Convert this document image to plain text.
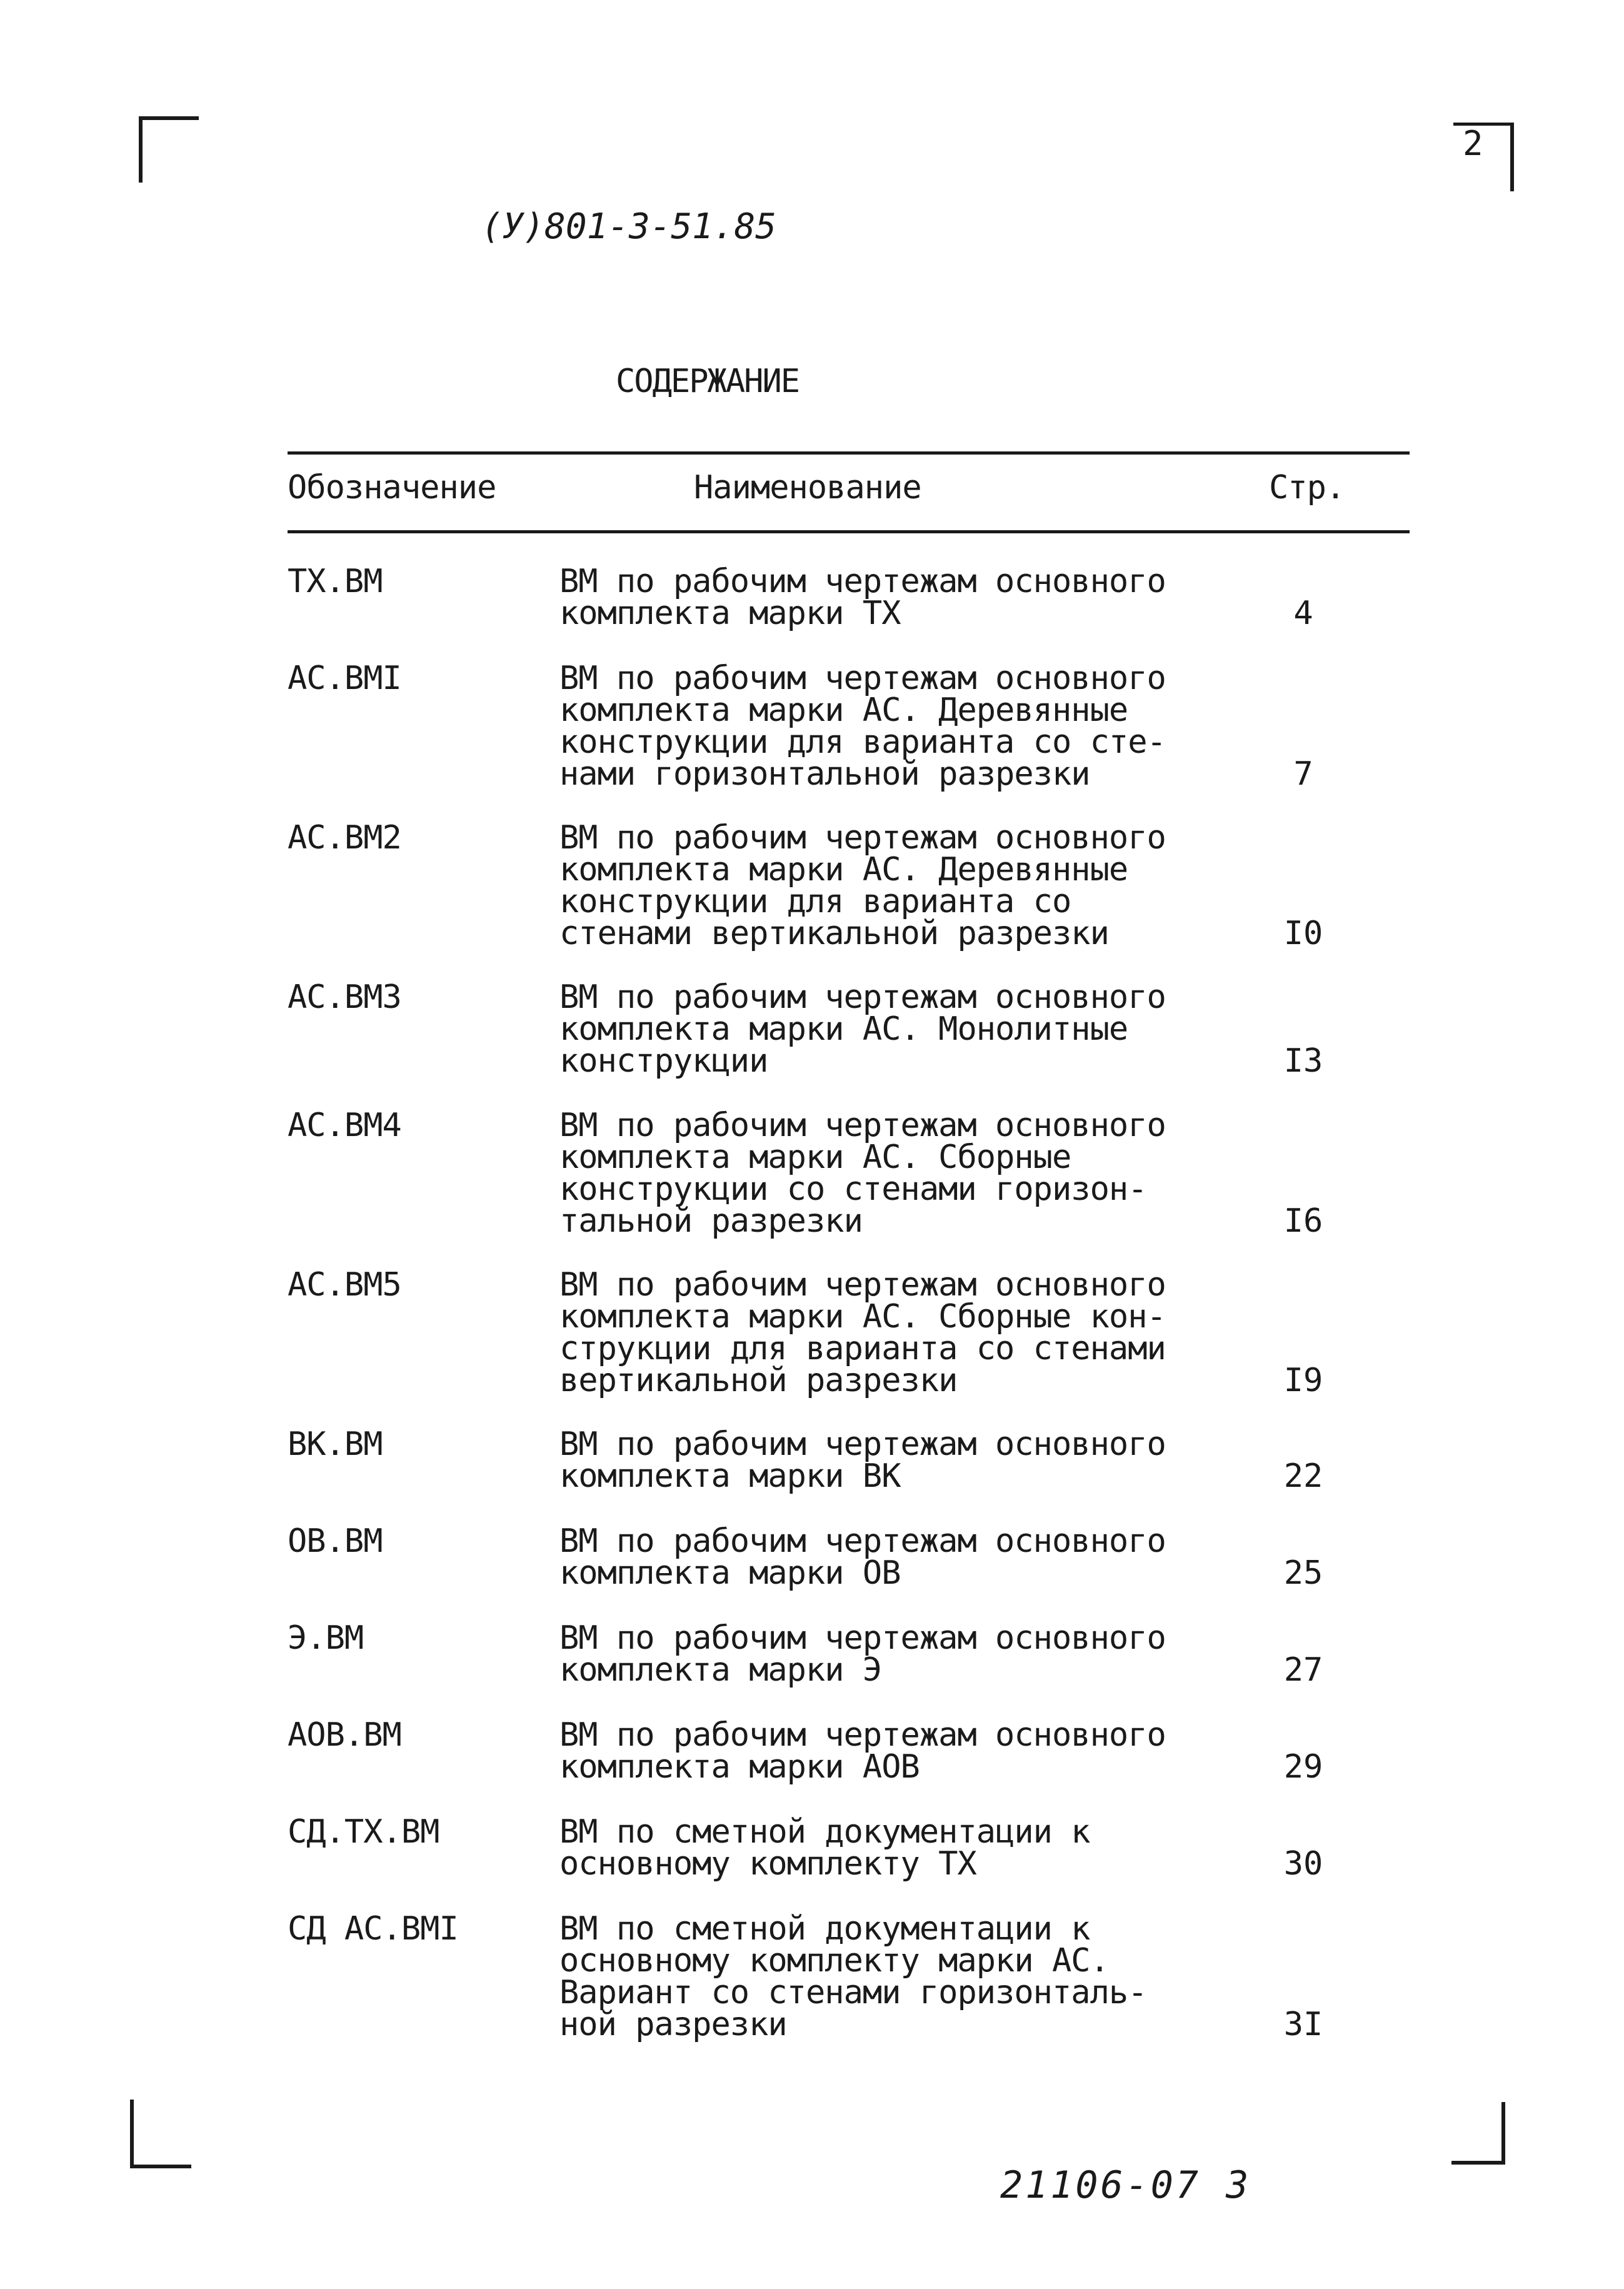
2
(У)801-3-51.85
СОДЕРЖАНИЕ
Обозначение	Наименование	Стр.
ТХ.ВМ	ВМ по рабочим чертежам основного
комплекта марки ТХ	4
АС.ВМI	ВМ по рабочим чертежам основного
комплекта марки АС. Деревянные
конструкции для варианта со сте-
нами горизонтальной разрезки	7
АС.ВМ2	ВМ по рабочим чертежам основного
комплекта марки АС. Деревянные
конструкции для варианта со
стенами вертикальной разрезки	I0
АС.ВМ3	ВМ по рабочим чертежам основного
комплекта марки АС. Монолитные
конструкции	I3
АС.ВМ4	ВМ по рабочим чертежам основного
комплекта марки АС. Сборные
конструкции со стенами горизон-
тальной разрезки	I6
АС.ВМ5	ВМ по рабочим чертежам основного
комплекта марки АС. Сборные кон-
струкции для варианта со стенами
вертикальной разрезки	I9
ВК.ВМ	ВМ по рабочим чертежам основного
комплекта марки ВК	22
ОВ.ВМ	ВМ по рабочим чертежам основного
комплекта марки ОВ	25
Э.ВМ	ВМ по рабочим чертежам основного
комплекта марки Э	27
АОВ.ВМ	ВМ по рабочим чертежам основного
комплекта марки АОВ	29
СД.ТХ.ВМ	ВМ по сметной документации к
основному комплекту ТХ	30
СД АС.ВМI	ВМ по сметной документации к
основному комплекту марки АС.
Вариант со стенами горизонталь-
ной разрезки	3I
21106-07 3
